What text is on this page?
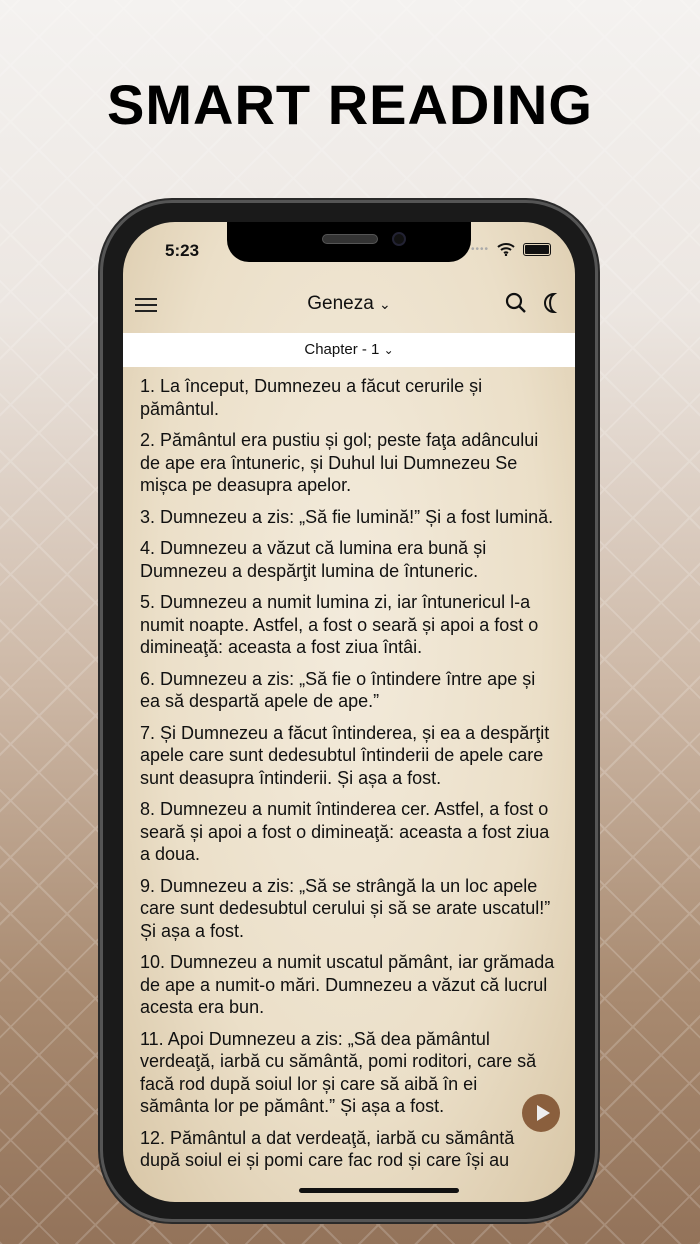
SMART READING
5:23	••••
Geneza ⌄
Chapter - 1 ⌄

1. La început, Dumnezeu a făcut cerurile și pământul.

2. Pământul era pustiu și gol; peste faţa adâncului de ape era întuneric, și Duhul lui Dumnezeu Se mișca pe deasupra apelor.

3. Dumnezeu a zis: „Să fie lumină!” Și a fost lumină.

4. Dumnezeu a văzut că lumina era bună și Dumnezeu a despărţit lumina de întuneric.

5. Dumnezeu a numit lumina zi, iar întunericul l-a numit noapte. Astfel, a fost o seară și apoi a fost o dimineaţă: aceasta a fost ziua întâi.

6. Dumnezeu a zis: „Să fie o întindere între ape și ea să despartă apele de ape.”

7. Și Dumnezeu a făcut întinderea, și ea a despărţit apele care sunt dedesubtul întinderii de apele care sunt deasupra întinderii. Și așa a fost.

8. Dumnezeu a numit întinderea cer. Astfel, a fost o seară și apoi a fost o dimineaţă: aceasta a fost ziua a doua.

9. Dumnezeu a zis: „Să se strângă la un loc apele care sunt dedesubtul cerului și să se arate uscatul!” Și așa a fost.

10. Dumnezeu a numit uscatul pământ, iar grămada de ape a numit-o mări. Dumnezeu a văzut că lucrul acesta era bun.

11. Apoi Dumnezeu a zis: „Să dea pământul verdeaţă, iarbă cu sământă, pomi roditori, care să facă rod după soiul lor și care să aibă în ei sământa lor pe pământ.” Și așa a fost.

12. Pământul a dat verdeaţă, iarbă cu sământă după soiul ei și pomi care fac rod și care își au
